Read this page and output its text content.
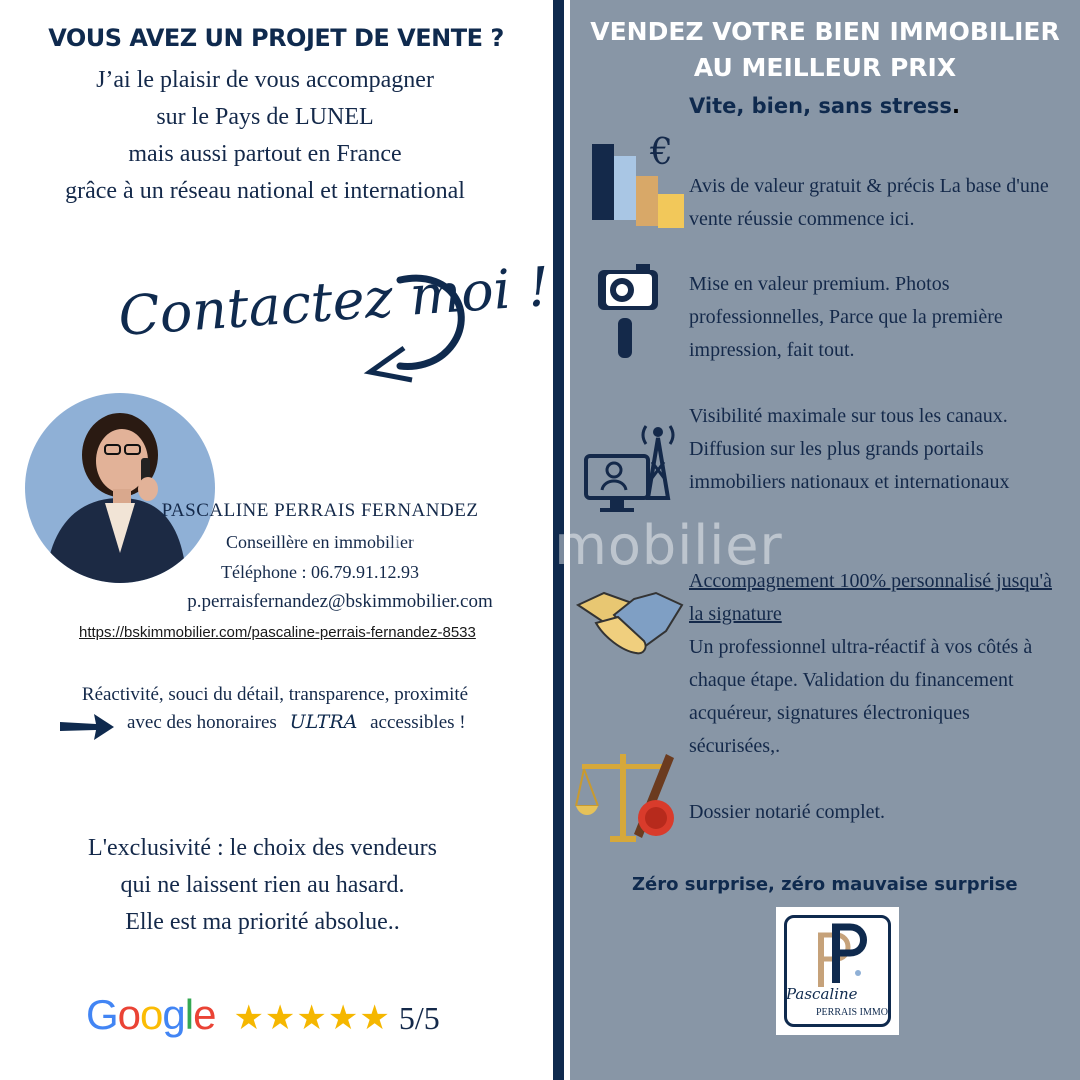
VOUS AVEZ UN PROJET DE VENTE ?
J’ai le plaisir de vous accompagner
sur le Pays de LUNEL
mais aussi partout en France
grâce à un réseau national et international
Contactez moi !
PASCALINE PERRAIS FERNANDEZ
Conseillère en immobilier
Téléphone : 06.79.91.12.93
p.perraisfernandez@bskimmobilier.com
https://bskimmobilier.com/pascaline-perrais-fernandez-8533
Réactivité, souci du détail, transparence, proximité
avec des honoraires ULTRA accessibles !
L'exclusivité : le choix des vendeurs
qui ne laissent rien au hasard.
Elle est ma priorité absolue..
Google ★★★★★ 5/5
VENDEZ VOTRE BIEN IMMOBILIER
AU MEILLEUR PRIX
Vite, bien, sans stress.
€
Avis de valeur gratuit & précis La base d'une vente réussie commence ici.
Mise en valeur premium. Photos professionnelles, Parce que la première impression, fait tout.
Visibilité maximale sur tous les canaux. Diffusion sur les plus grands portails immobiliers nationaux et internationaux
Accompagnement 100% personnalisé jusqu'à la signature
Un professionnel ultra-réactif à vos côtés à chaque étape. Validation du financement acquéreur, signatures électroniques sécurisées,.
Dossier notarié complet.
bskimmobilier
Zéro surprise, zéro mauvaise surprise
Pascaline
PERRAIS IMMO
